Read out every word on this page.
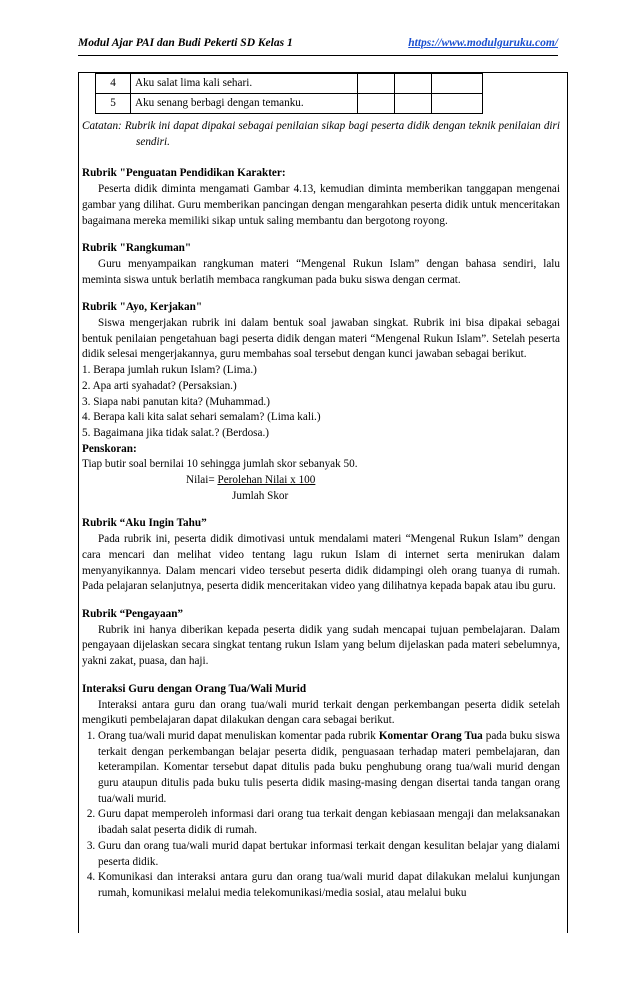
Modul Ajar PAI dan Budi Pekerti SD Kelas 1	https://www.modulguruku.com/
4	Aku salat lima kali sehari.			
5	Aku senang berbagi dengan temanku.			
Catatan: Rubrik ini dapat dipakai sebagai penilaian sikap bagi peserta didik dengan teknik penilaian diri sendiri.
Rubrik "Penguatan Pendidikan Karakter:
Peserta didik diminta mengamati Gambar 4.13, kemudian diminta memberikan tanggapan mengenai gambar yang dilihat. Guru memberikan pancingan dengan mengarahkan peserta didik untuk menceritakan bagaimana mereka memiliki sikap untuk saling membantu dan bergotong royong.
Rubrik "Rangkuman"
Guru menyampaikan rangkuman materi “Mengenal Rukun Islam” dengan bahasa sendiri, lalu meminta siswa untuk berlatih membaca rangkuman pada buku siswa dengan cermat.
Rubrik "Ayo, Kerjakan"
Siswa mengerjakan rubrik ini dalam bentuk soal jawaban singkat. Rubrik ini bisa dipakai sebagai bentuk penilaian pengetahuan bagi peserta didik dengan materi “Mengenal Rukun Islam”. Setelah peserta didik selesai mengerjakannya, guru membahas soal tersebut dengan kunci jawaban sebagai berikut.
1. Berapa jumlah rukun Islam? (Lima.)
2. Apa arti syahadat? (Persaksian.)
3. Siapa nabi panutan kita? (Muhammad.)
4. Berapa kali kita salat sehari semalam? (Lima kali.)
5. Bagaimana jika tidak salat.? (Berdosa.)
Penskoran:
Tiap butir soal bernilai 10 sehingga jumlah skor sebanyak 50.
Nilai= Perolehan Nilai x 100
Jumlah Skor
Rubrik “Aku Ingin Tahu”
Pada rubrik ini, peserta didik dimotivasi untuk mendalami materi “Mengenal Rukun Islam” dengan cara mencari dan melihat video tentang lagu rukun Islam di internet serta menirukan dalam menyanyikannya. Dalam mencari video tersebut peserta didik didampingi oleh orang tuanya di rumah. Pada pelajaran selanjutnya, peserta didik menceritakan video yang dilihatnya kepada bapak atau ibu guru.
Rubrik “Pengayaan”
Rubrik ini hanya diberikan kepada peserta didik yang sudah mencapai tujuan pembelajaran. Dalam pengayaan dijelaskan secara singkat tentang rukun Islam yang belum dijelaskan pada materi sebelumnya, yakni zakat, puasa, dan haji.
Interaksi Guru dengan Orang Tua/Wali Murid
Interaksi antara guru dan orang tua/wali murid terkait dengan perkembangan peserta didik setelah mengikuti pembelajaran dapat dilakukan dengan cara sebagai berikut.
1. Orang tua/wali murid dapat menuliskan komentar pada rubrik Komentar Orang Tua pada buku siswa terkait dengan perkembangan belajar peserta didik, penguasaan terhadap materi pembelajaran, dan keterampilan. Komentar tersebut dapat ditulis pada buku penghubung orang tua/wali murid dengan guru ataupun ditulis pada buku tulis peserta didik masing-masing dengan disertai tanda tangan orang tua/wali murid.
2. Guru dapat memperoleh informasi dari orang tua terkait dengan kebiasaan mengaji dan melaksanakan ibadah salat peserta didik di rumah.
3. Guru dan orang tua/wali murid dapat bertukar informasi terkait dengan kesulitan belajar yang dialami peserta didik.
4. Komunikasi dan interaksi antara guru dan orang tua/wali murid dapat dilakukan melalui kunjungan rumah, komunikasi melalui media telekomunikasi/media sosial, atau melalui buku
